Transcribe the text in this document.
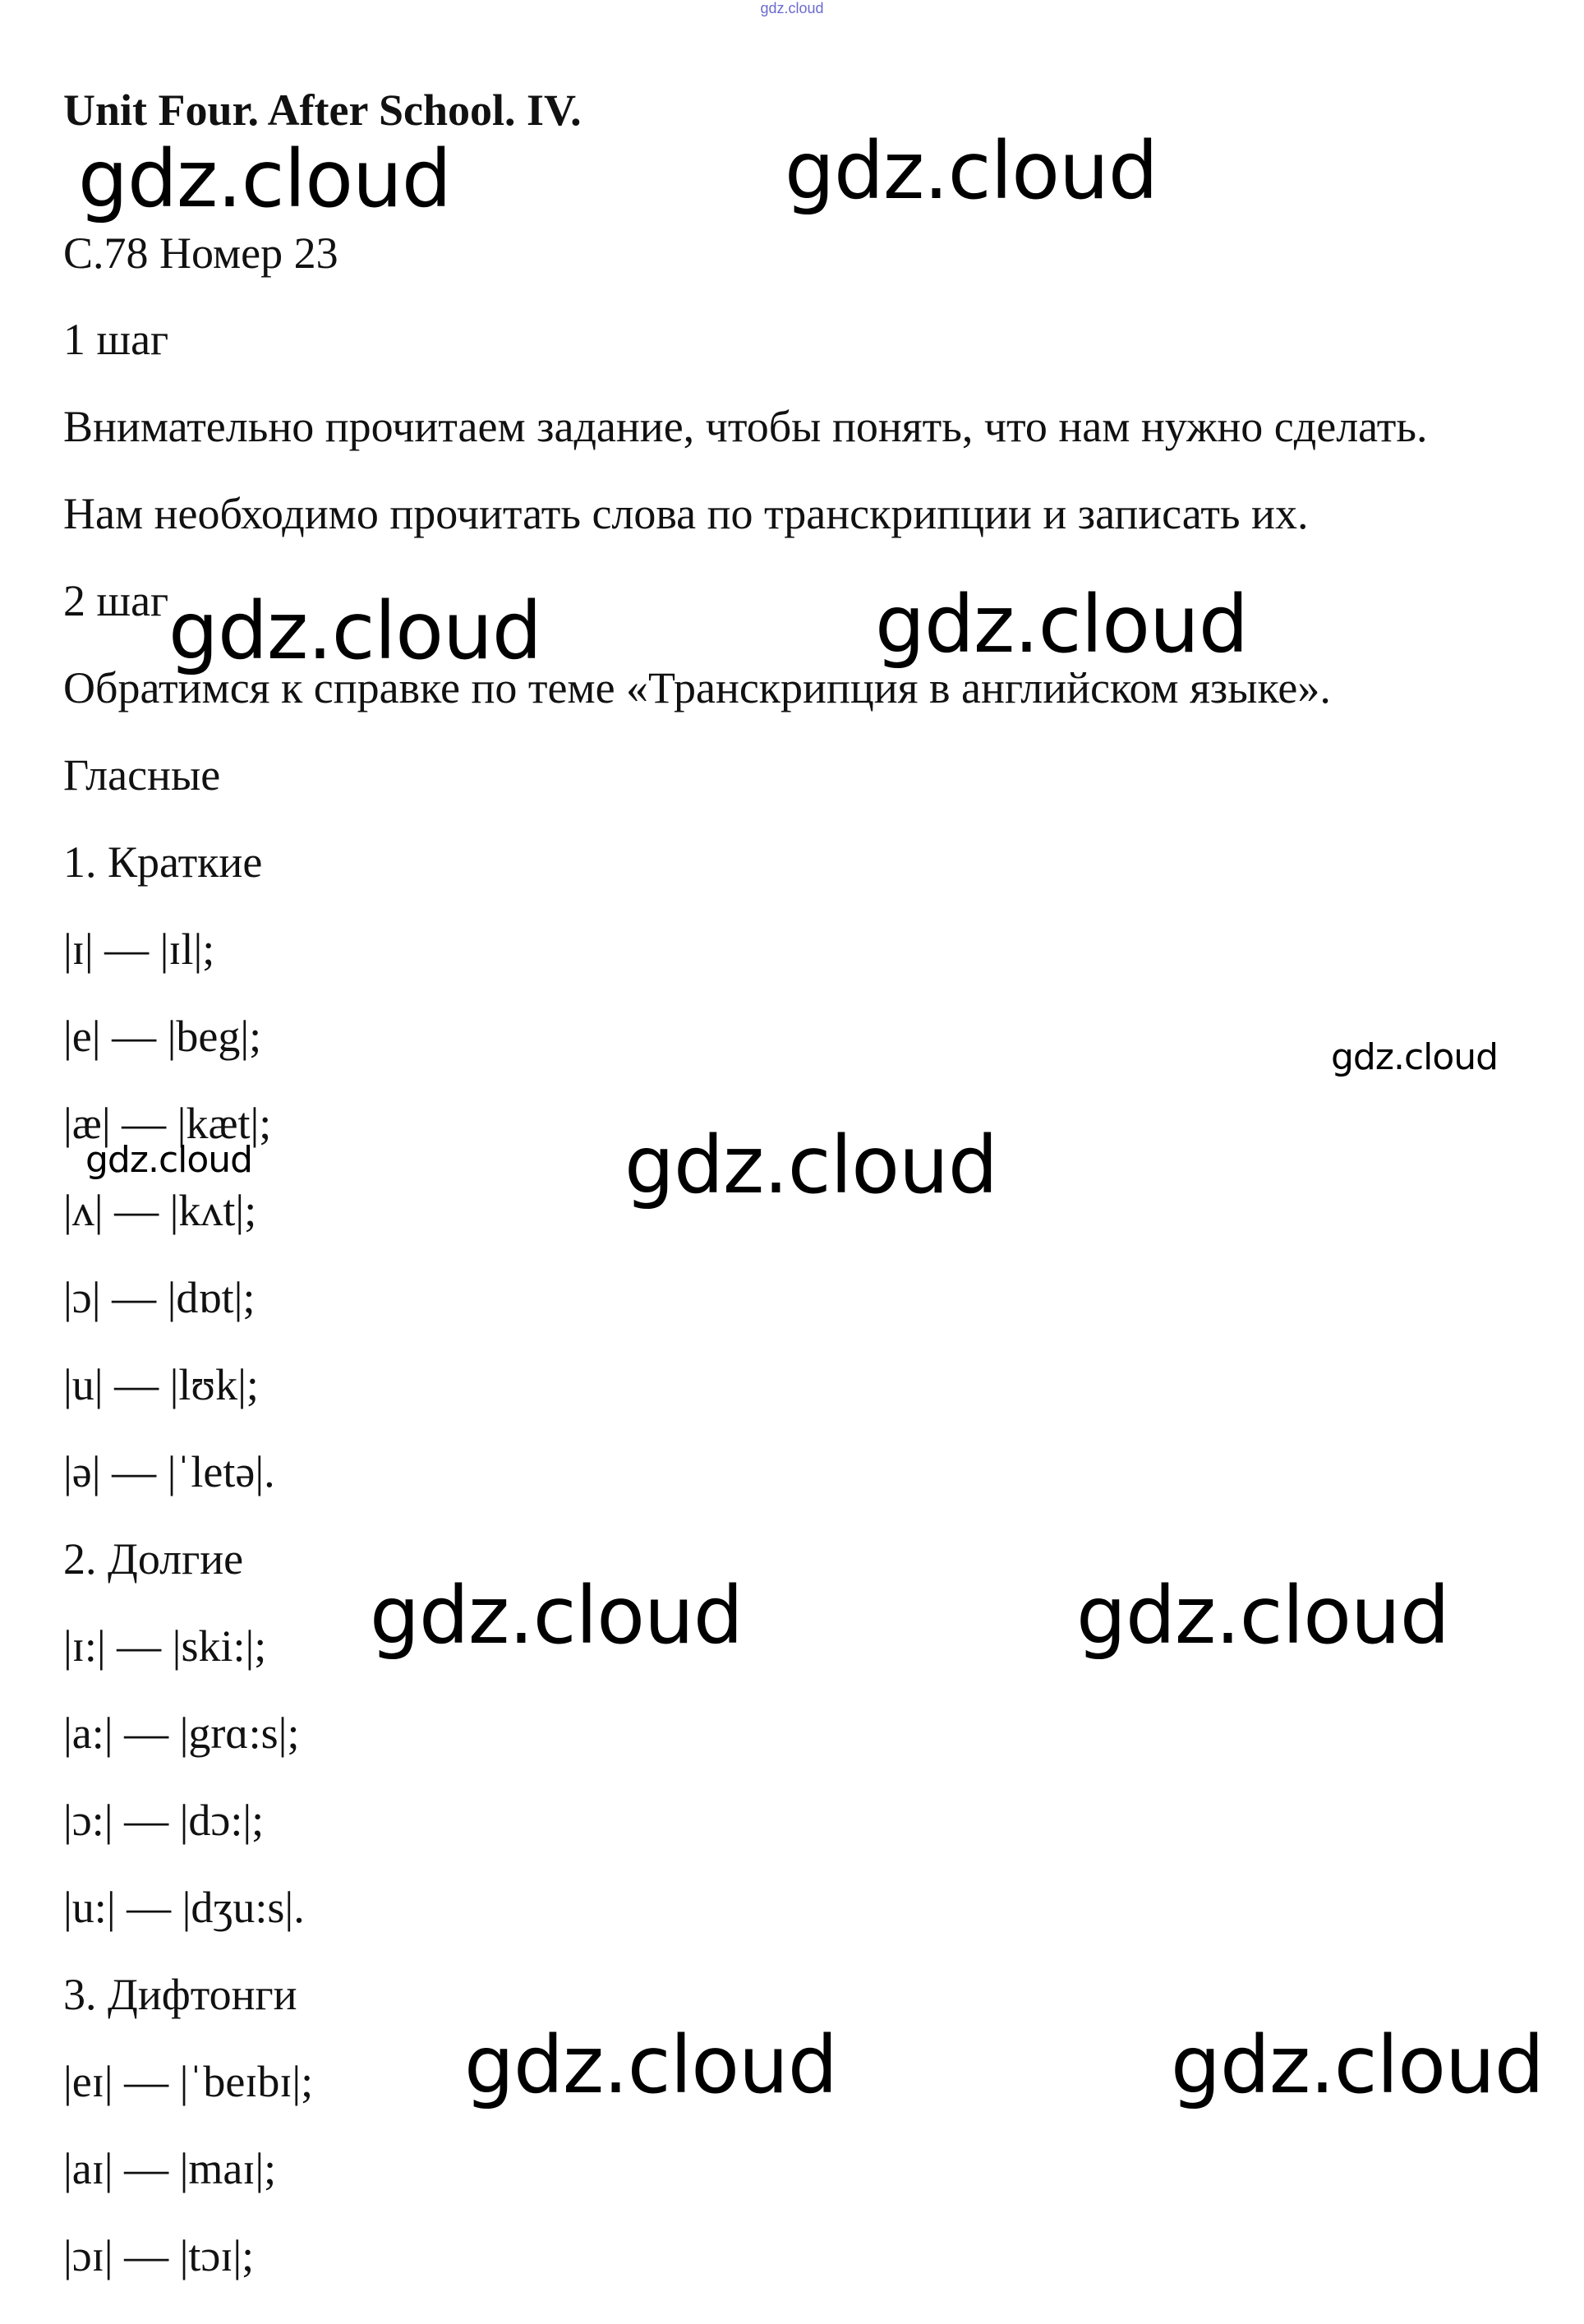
gdz.cloud
Unit Four. After School. IV.
С.78 Номер 23
1 шаг
Внимательно прочитаем задание, чтобы понять, что нам нужно сделать.
Нам необходимо прочитать слова по транскрипции и записать их.
2 шаг
Обратимся к справке по теме «Транскрипция в английском языке».
Гласные
1. Краткие
|ɪ| — |ɪl|;
|e| — |beg|;
|æ| — |kæt|;
|ʌ| — |kʌt|;
|ɔ| — |dɒt|;
|u| — |lʊk|;
|ə| — |ˈletə|.
2. Долгие
|ɪ:| — |ski:|;
|a:| — |grɑ:s|;
|ɔ:| — |dɔ:|;
|u:| — |dʒu:s|.
3. Дифтонги
|eɪ| — |ˈbeɪbɪ|;
|aɪ| — |maɪ|;
|ɔɪ| — |tɔɪ|;
gdz.cloud	gdz.cloud
gdz.cloud	gdz.cloud
gdz.cloud
gdz.cloud	gdz.cloud
gdz.cloud	gdz.cloud
gdz.cloud	gdz.cloud
